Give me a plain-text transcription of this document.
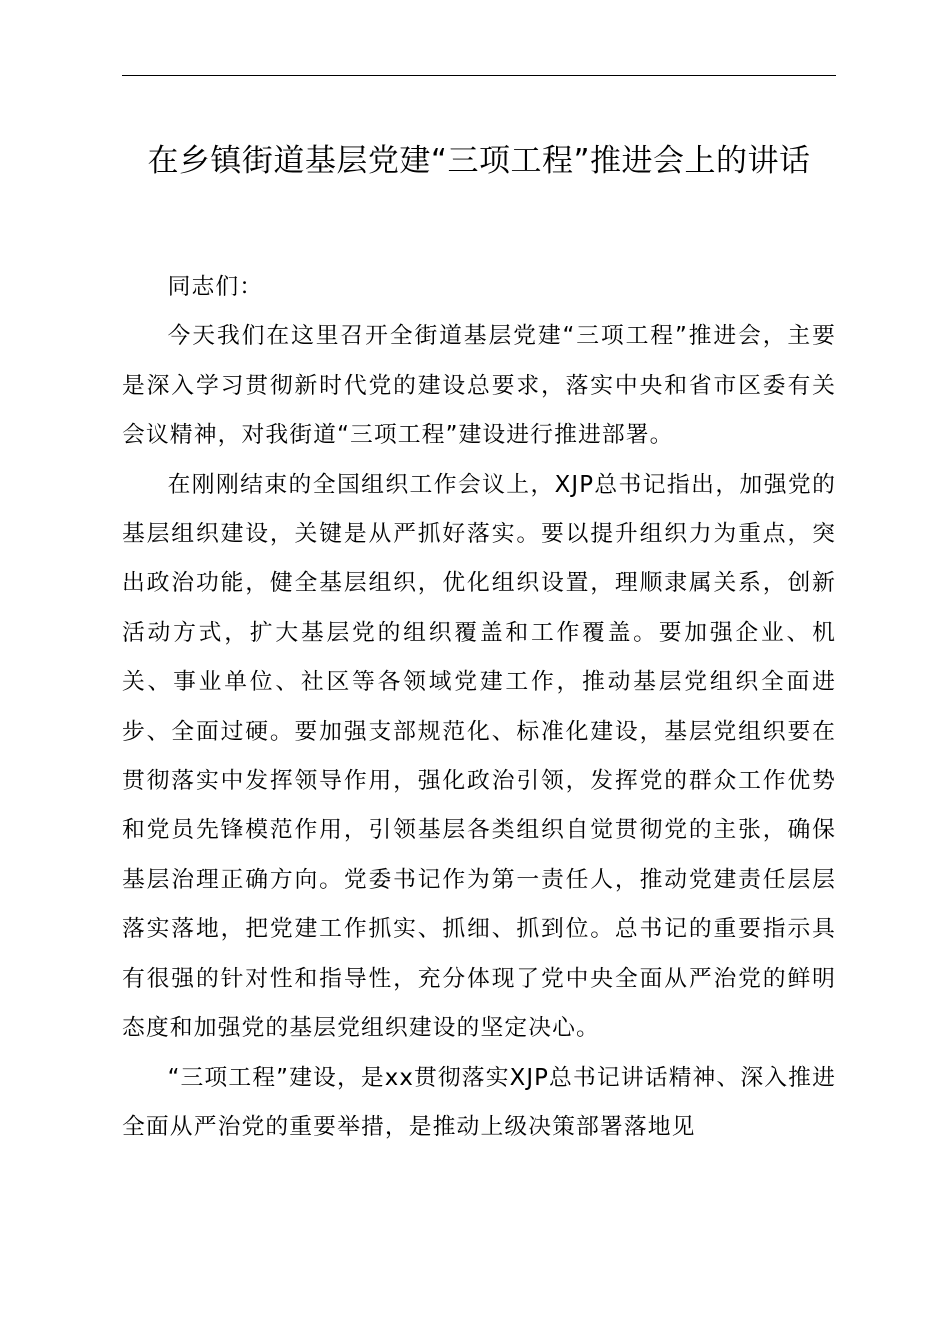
在乡镇街道基层党建“三项工程”推进会上的讲话

同志们：

今天我们在这里召开全街道基层党建“三项工程”推进会，主要是深入学习贯彻新时代党的建设总要求，落实中央和省市区委有关会议精神，对我街道“三项工程”建设进行推进部署。

在刚刚结束的全国组织工作会议上，XJP总书记指出，加强党的基层组织建设，关键是从严抓好落实。要以提升组织力为重点，突出政治功能，健全基层组织，优化组织设置，理顺隶属关系，创新活动方式，扩大基层党的组织覆盖和工作覆盖。要加强企业、机关、事业单位、社区等各领域党建工作，推动基层党组织全面进步、全面过硬。要加强支部规范化、标准化建设，基层党组织要在贯彻落实中发挥领导作用，强化政治引领，发挥党的群众工作优势和党员先锋模范作用，引领基层各类组织自觉贯彻党的主张，确保基层治理正确方向。党委书记作为第一责任人，推动党建责任层层落实落地，把党建工作抓实、抓细、抓到位。总书记的重要指示具有很强的针对性和指导性，充分体现了党中央全面从严治党的鲜明态度和加强党的基层党组织建设的坚定决心。

“三项工程”建设，是xx贯彻落实XJP总书记讲话精神、深入推进全面从严治党的重要举措，是推动上级决策部署落地见
